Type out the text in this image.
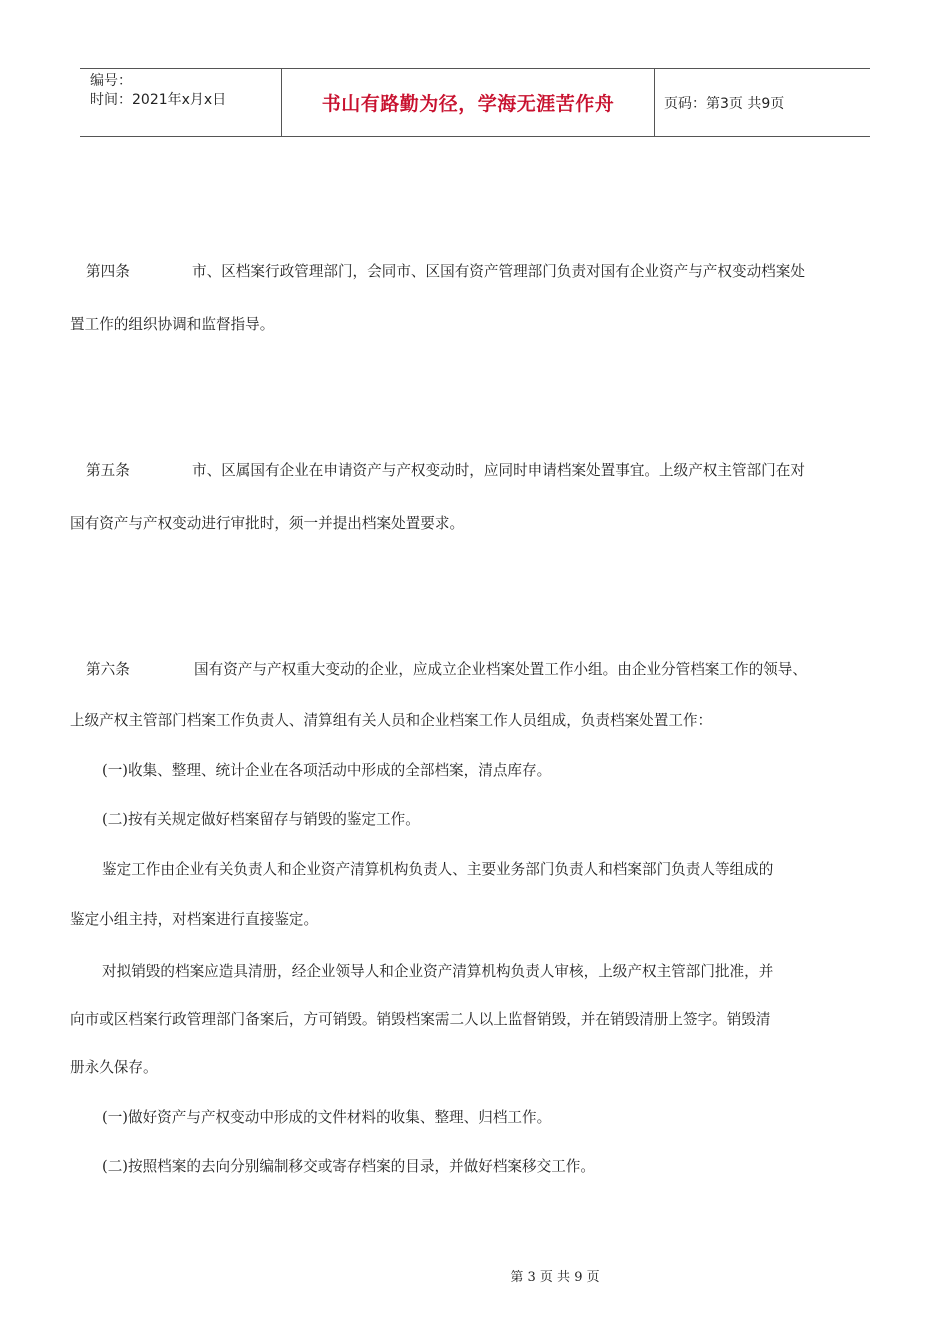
编号：
时间：2021年x月x日	书山有路勤为径，学海无涯苦作舟	页码：第3页 共9页

第四条	市、区档案行政管理部门，会同市、区国有资产管理部门负责对国有企业资产与产权变动档案处

置工作的组织协调和监督指导。

第五条	市、区属国有企业在申请资产与产权变动时，应同时申请档案处置事宜。上级产权主管部门在对

国有资产与产权变动进行审批时，须一并提出档案处置要求。

第六条	国有资产与产权重大变动的企业，应成立企业档案处置工作小组。由企业分管档案工作的领导、

上级产权主管部门档案工作负责人、清算组有关人员和企业档案工作人员组成，负责档案处置工作：

(一)收集、整理、统计企业在各项活动中形成的全部档案，清点库存。

(二)按有关规定做好档案留存与销毁的鉴定工作。

鉴定工作由企业有关负责人和企业资产清算机构负责人、主要业务部门负责人和档案部门负责人等组成的

鉴定小组主持，对档案进行直接鉴定。

对拟销毁的档案应造具清册，经企业领导人和企业资产清算机构负责人审核，上级产权主管部门批准，并

向市或区档案行政管理部门备案后，方可销毁。销毁档案需二人以上监督销毁，并在销毁清册上签字。销毁清

册永久保存。

(一)做好资产与产权变动中形成的文件材料的收集、整理、归档工作。

(二)按照档案的去向分别编制移交或寄存档案的目录，并做好档案移交工作。

第 3 页 共 9 页
